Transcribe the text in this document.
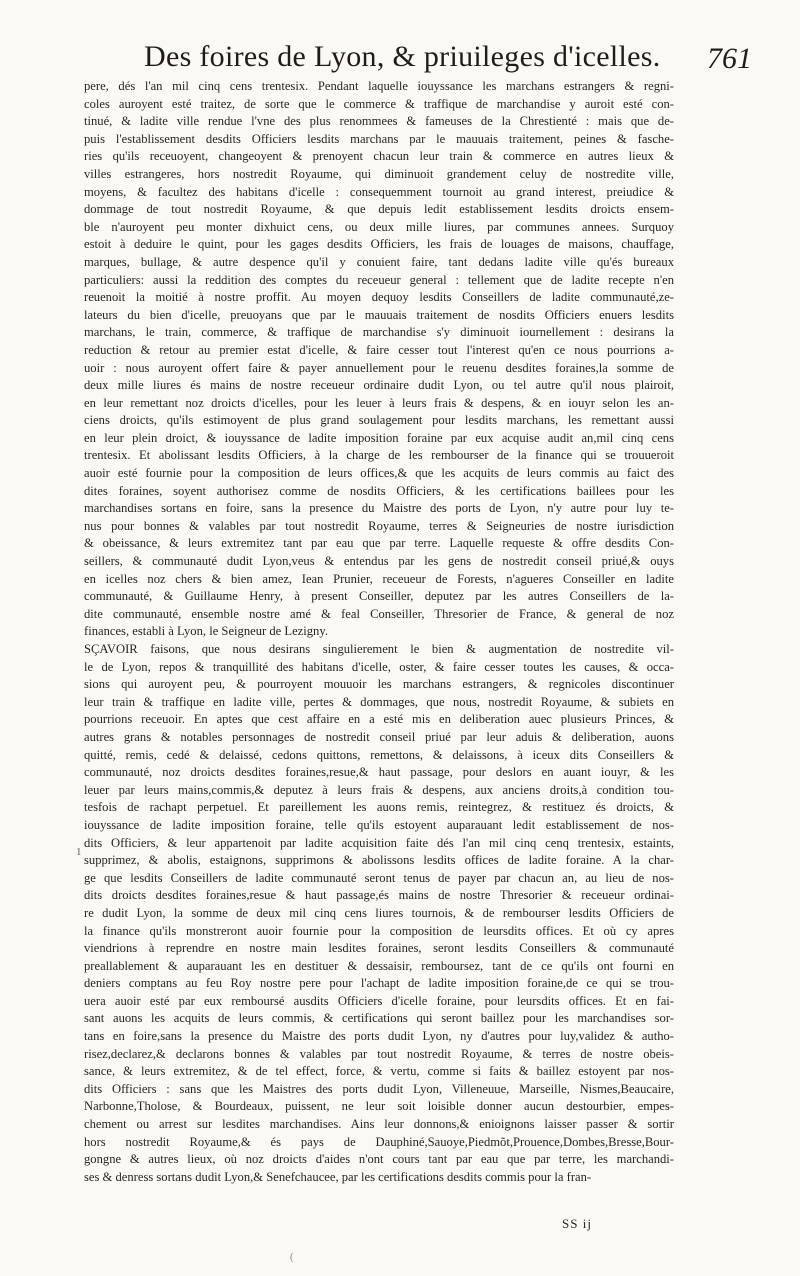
Des foires de Lyon, & priuileges d'icelles. 761
pere, dés l'an mil cinq cens trentesix. Pendant laquelle iouyssance les marchans estrangers & regni-
coles auroyent esté traitez, de sorte que le commerce & traffique de marchandise y auroit esté con-
tinué, & ladite ville rendue l'vne des plus renommees & fameuses de la Chrestienté : mais que de-
puis l'establissement desdits Officiers lesdits marchans par le mauuais traitement, peines & fasche-
ries qu'ils receuoyent, changeoyent & prenoyent chacun leur train & commerce en autres lieux &
villes estrangeres, hors nostredit Royaume, qui diminuoit grandement celuy de nostredite ville,
moyens, & facultez des habitans d'icelle : consequemment tournoit au grand interest, preiudice &
dommage de tout nostredit Royaume, & que depuis ledit establissement lesdits droicts ensem-
ble n'auroyent peu monter dixhuict cens, ou deux mille liures, par communes annees. Surquoy
estoit à deduire le quint, pour les gages desdits Officiers, les frais de louages de maisons, chauffage,
marques, bullage, & autre despence qu'il y conuient faire, tant dedans ladite ville qu'és bureaux
particuliers: aussi la reddition des comptes du receueur general : tellement que de ladite recepte n'en
reuenoit la moitié à nostre proffit. Au moyen dequoy lesdits Conseillers de ladite communauté,ze-
lateurs du bien d'icelle, preuoyans que par le mauuais traitement de nosdits Officiers enuers lesdits
marchans, le train, commerce, & traffique de marchandise s'y diminuoit iournellement : desirans la
reduction & retour au premier estat d'icelle, & faire cesser tout l'interest qu'en ce nous pourrions a-
uoir : nous auroyent offert faire & payer annuellement pour le reuenu desdites foraines,la somme de
deux mille liures és mains de nostre receueur ordinaire dudit Lyon, ou tel autre qu'il nous plairoit,
en leur remettant noz droicts d'icelles, pour les leuer à leurs frais & despens, & en iouyr selon les an-
ciens droicts, qu'ils estimoyent de plus grand soulagement pour lesdits marchans, les remettant aussi
en leur plein droict, & iouyssance de ladite imposition foraine par eux acquise audit an,mil cinq cens
trentesix. Et abolissant lesdits Officiers, à la charge de les rembourser de la finance qui se trouueroit
auoir esté fournie pour la composition de leurs offices,& que les acquits de leurs commis au faict des
dites foraines, soyent authorisez comme de nosdits Officiers, & les certifications baillees pour les
marchandises sortans en foire, sans la presence du Maistre des ports de Lyon, n'y autre pour luy te-
nus pour bonnes & valables par tout nostredit Royaume, terres & Seigneuries de nostre iurisdiction
& obeissance, & leurs extremitez tant par eau que par terre. Laquelle requeste & offre desdits Con-
seillers, & communauté dudit Lyon,veus & entendus par les gens de nostredit conseil priué,& ouys
en icelles noz chers & bien amez, Iean Prunier, receueur de Forests, n'agueres Conseiller en ladite
communauté, & Guillaume Henry, à present Conseiller, deputez par les autres Conseillers de la-
dite communauté, ensemble nostre amé & feal Conseiller, Thresorier de France, & general de noz
finances, establi à Lyon, le Seigneur de Lezigny.
SÇAVOIR faisons, que nous desirans singulierement le bien & augmentation de nostredite vil-
le de Lyon, repos & tranquillité des habitans d'icelle, oster, & faire cesser toutes les causes, & occa-
sions qui auroyent peu, & pourroyent mouuoir les marchans estrangers, & regnicoles discontinuer
leur train & traffique en ladite ville, pertes & dommages, que nous, nostredit Royaume, & subiets en
pourrions receuoir. En aptes que cest affaire en a esté mis en deliberation auec plusieurs Princes, &
autres grans & notables personnages de nostredit conseil priué par leur aduis & deliberation, auons
quitté, remis, cedé & delaissé, cedons quittons, remettons, & delaissons, à iceux dits Conseillers &
communauté, noz droicts desdites foraines,resue,& haut passage, pour deslors en auant iouyr, & les
leuer par leurs mains,commis,& deputez à leurs frais & despens, aux anciens droits,à condition tou-
tesfois de rachapt perpetuel. Et pareillement les auons remis, reintegrez, & restituez és droicts, &
iouyssance de ladite imposition foraine, telle qu'ils estoyent auparauant ledit establissement de nos-
dits Officiers, & leur appartenoit par ladite acquisition faite dés l'an mil cinq cenq trentesix, estaints,
supprimez, & abolis, estaignons, supprimons & abolissons lesdits offices de ladite foraine. A la char-
ge que lesdits Conseillers de ladite communauté seront tenus de payer par chacun an, au lieu de nos-
dits droicts desdites foraines,resue & haut passage,és mains de nostre Thresorier & receueur ordinai-
re dudit Lyon, la somme de deux mil cinq cens liures tournois, & de rembourser lesdits Officiers de
la finance qu'ils monstreront auoir fournie pour la composition de leursdits offices. Et où cy apres
viendrions à reprendre en nostre main lesdites foraines, seront lesdits Conseillers & communauté
preallablement & auparauant les en destituer & dessaisir, remboursez, tant de ce qu'ils ont fourni en
deniers comptans au feu Roy nostre pere pour l'achapt de ladite imposition foraine,de ce qui se trou-
uera auoir esté par eux remboursé ausdits Officiers d'icelle foraine, pour leursdits offices. Et en fai-
sant auons les acquits de leurs commis, & certifications qui seront baillez pour les marchandises sor-
tans en foire,sans la presence du Maistre des ports dudit Lyon, ny d'autres pour luy,validez & autho-
risez,declarez,& declarons bonnes & valables par tout nostredit Royaume, & terres de nostre obeis-
sance, & leurs extremitez, & de tel effect, force, & vertu, comme si faits & baillez estoyent par nos-
dits Officiers : sans que les Maistres des ports dudit Lyon, Villeneuue, Marseille, Nismes,Beaucaire,
Narbonne,Tholose, & Bourdeaux, puissent, ne leur soit loisible donner aucun destourbier, empes-
chement ou arrest sur lesdites marchandises. Ains leur donnons,& enioignons laisser passer & sortir
hors nostredit Royaume,& és pays de Dauphiné,Sauoye,Piedmõt,Prouence,Dombes,Bresse,Bour-
gongne & autres lieux, où noz droicts d'aides n'ont cours tant par eau que par terre, les marchandi-
ses & denress sortans dudit Lyon,& Senefchaucee, par les certifications desdits commis pour la fran-
1
SS ij
(
